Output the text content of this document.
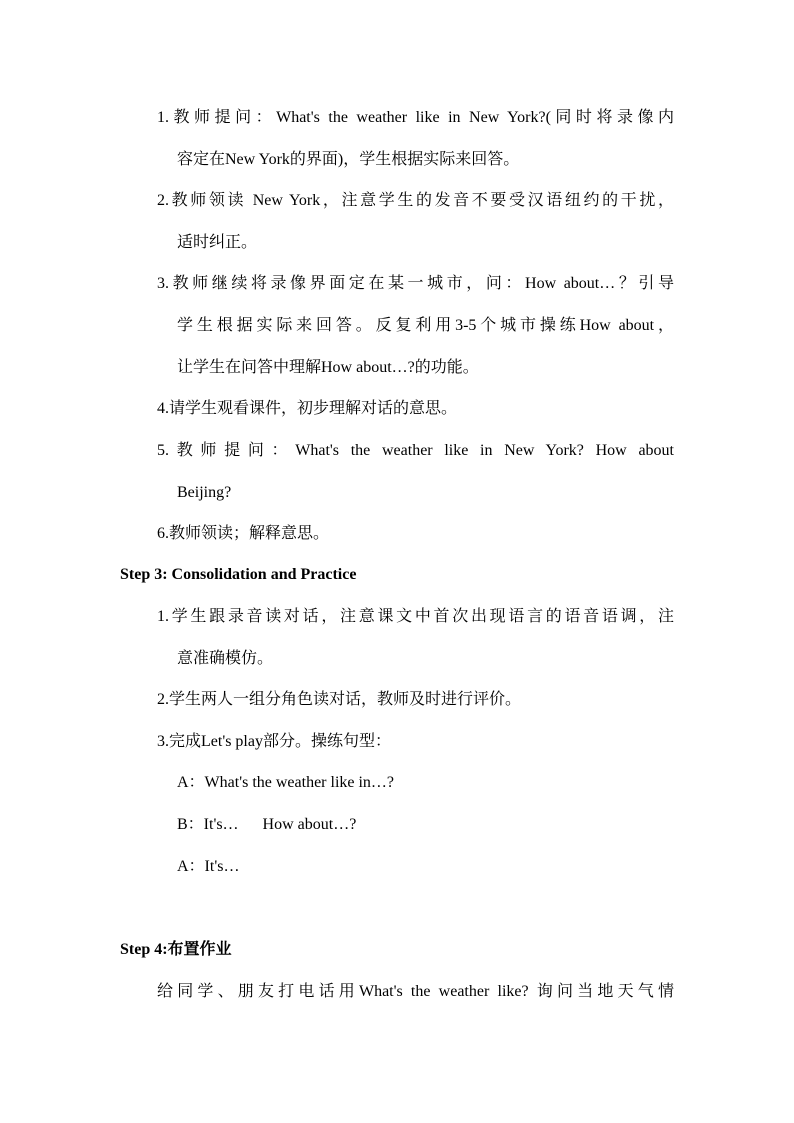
1.教师提问：What's the weather like in New York?(同时将录像内
容定在New York的界面)，学生根据实际来回答。
2.教师领读 New York，注意学生的发音不要受汉语纽约的干扰，
适时纠正。
3.教师继续将录像界面定在某一城市，问：How about…？引导
学生根据实际来回答。反复利用3-5个城市操练How about，
让学生在问答中理解How about…?的功能。
4.请学生观看课件，初步理解对话的意思。
5.教师提问：What's the weather like in New York? How about
Beijing?
6.教师领读；解释意思。
Step 3: Consolidation and Practice
1.学生跟录音读对话，注意课文中首次出现语言的语音语调，注
意准确模仿。
2.学生两人一组分角色读对话，教师及时进行评价。
3.完成Let's play部分。操练句型：
A：What's the weather like in…?
B：It's…      How about…?
A：It's…
Step 4:布置作业
给同学、朋友打电话用What's the weather like? 询问当地天气情
